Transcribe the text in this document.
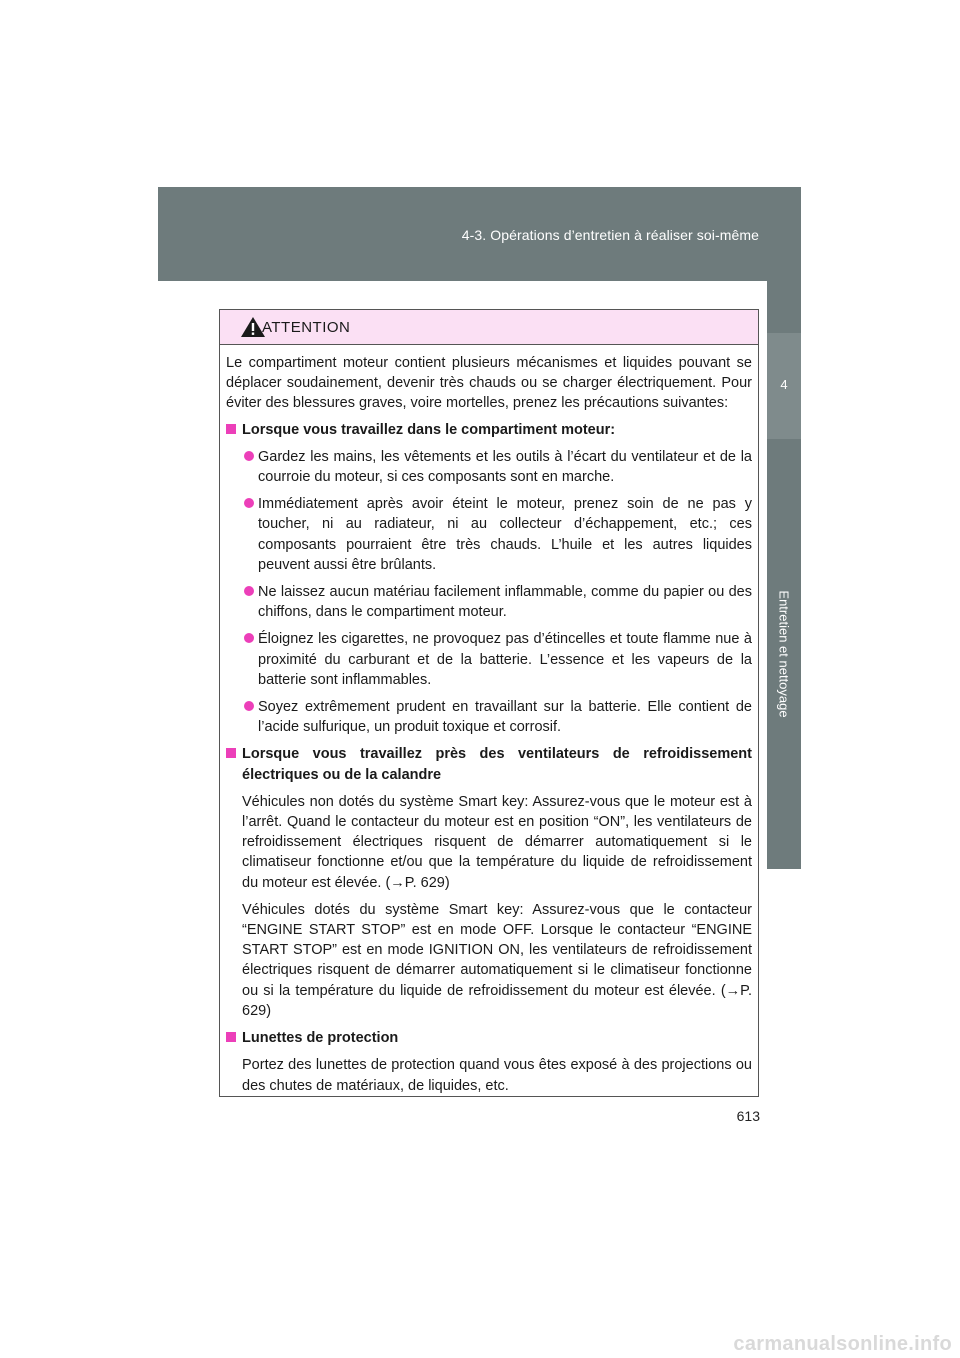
4-3. Opérations d’entretien à réaliser soi-même
4
Entretien et nettoyage
ATTENTION

Le compartiment moteur contient plusieurs mécanismes et liquides pouvant se déplacer soudainement, devenir très chauds ou se charger électriquement. Pour éviter des blessures graves, voire mortelles, prenez les précautions suivantes:

Lorsque vous travaillez dans le compartiment moteur:

Gardez les mains, les vêtements et les outils à l’écart du ventilateur et de la courroie du moteur, si ces composants sont en marche.

Immédiatement après avoir éteint le moteur, prenez soin de ne pas y toucher, ni au radiateur, ni au collecteur d’échappement, etc.; ces composants pourraient être très chauds. L’huile et les autres liquides peuvent aussi être brûlants.

Ne laissez aucun matériau facilement inflammable, comme du papier ou des chiffons, dans le compartiment moteur.

Éloignez les cigarettes, ne provoquez pas d’étincelles et toute flamme nue à proximité du carburant et de la batterie. L’essence et les vapeurs de la batterie sont inflammables.

Soyez extrêmement prudent en travaillant sur la batterie. Elle contient de l’acide sulfurique, un produit toxique et corrosif.

Lorsque vous travaillez près des ventilateurs de refroidissement électriques ou de la calandre

Véhicules non dotés du système Smart key: Assurez-vous que le moteur est à l’arrêt. Quand le contacteur du moteur est en position “ON”, les ventilateurs de refroidissement électriques risquent de démarrer automatiquement si le climatiseur fonctionne et/ou que la température du liquide de refroidissement du moteur est élevée. (→P. 629)

Véhicules dotés du système Smart key: Assurez-vous que le contacteur “ENGINE START STOP” est en mode OFF. Lorsque le contacteur “ENGINE START STOP” est en mode IGNITION ON, les ventilateurs de refroidissement électriques risquent de démarrer automatiquement si le climatiseur fonctionne ou si la température du liquide de refroidissement du moteur est élevée. (→P. 629)

Lunettes de protection

Portez des lunettes de protection quand vous êtes exposé à des projections ou des chutes de matériaux, de liquides, etc.

613
carmanualsonline.info
